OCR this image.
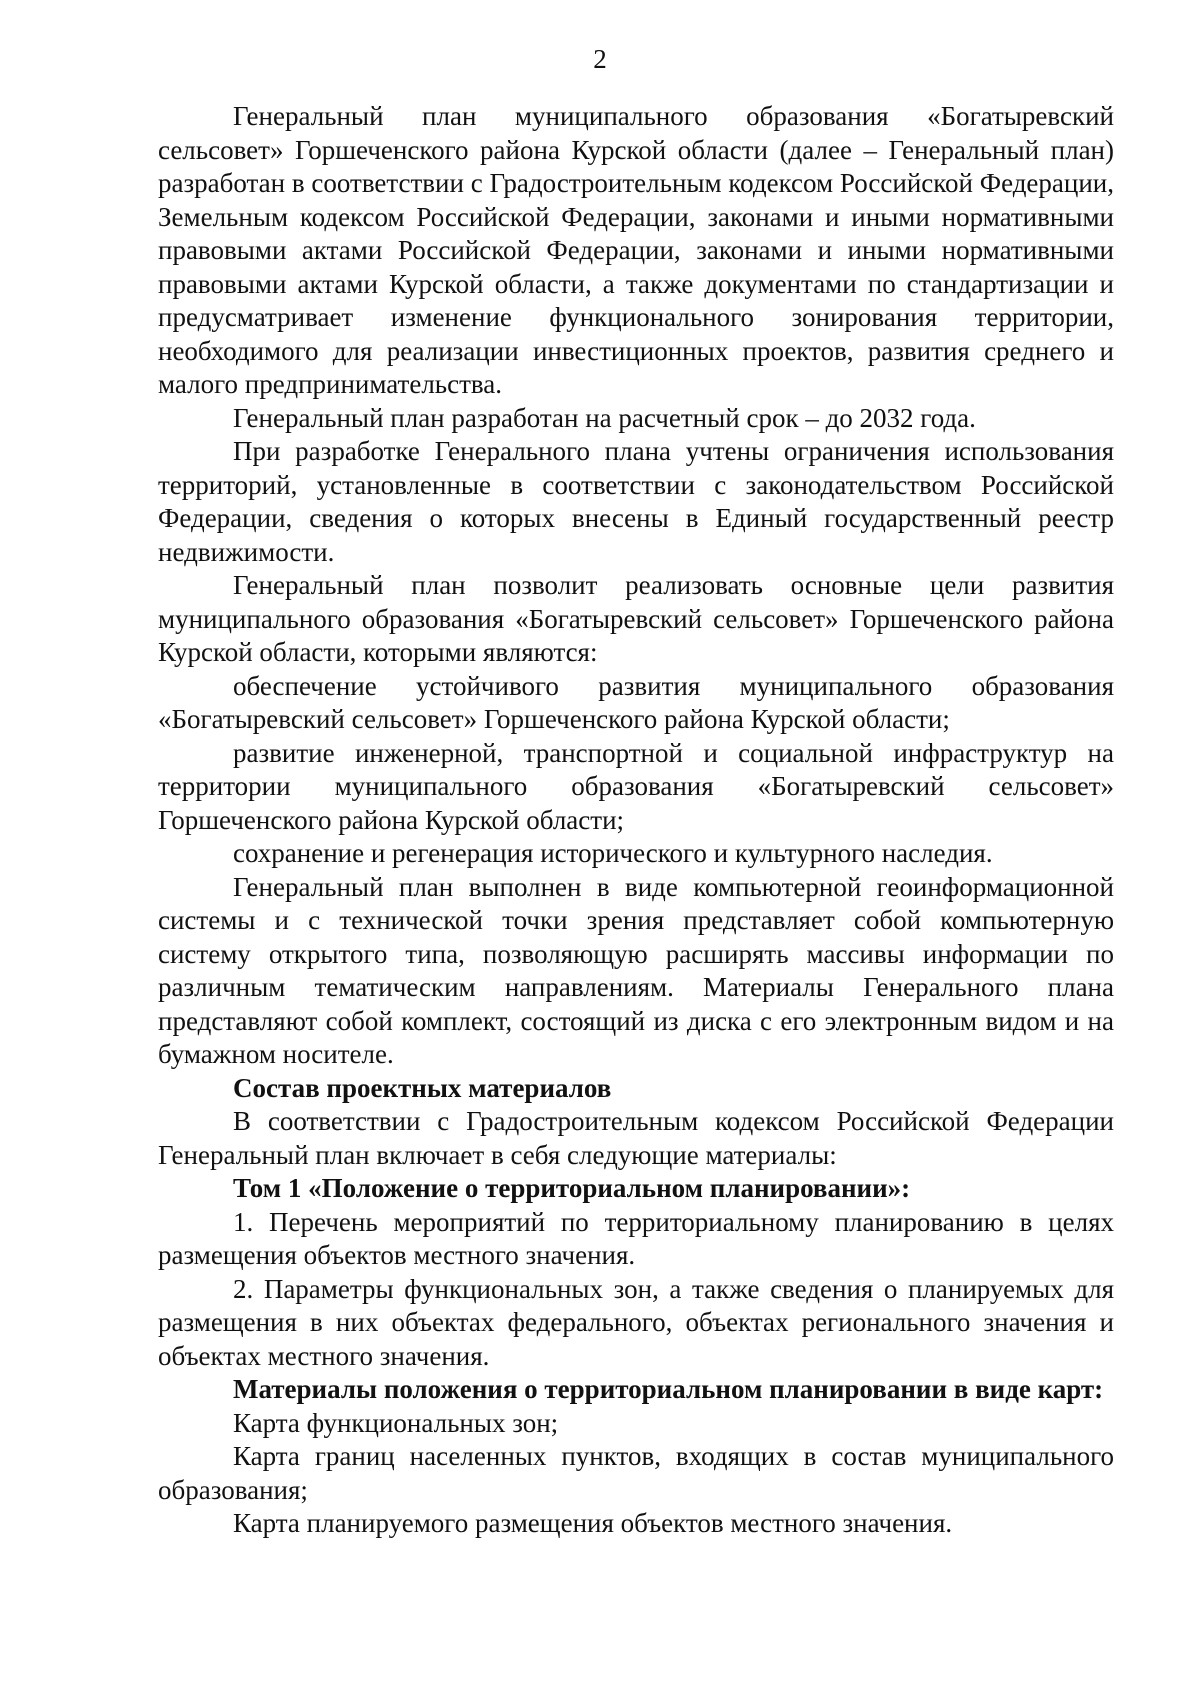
2

Генеральный план муниципального образования «Богатыревский сельсовет» Горшеченского района Курской области (далее – Генеральный план) разработан в соответствии с Градостроительным кодексом Российской Федерации, Земельным кодексом Российской Федерации, законами и иными нормативными правовыми актами Российской Федерации, законами и иными нормативными правовыми актами Курской области, а также документами по стандартизации и предусматривает изменение функционального зонирования территории, необходимого для реализации инвестиционных проектов, развития среднего и малого предпринимательства.

Генеральный план разработан на расчетный срок – до 2032 года.

При разработке Генерального плана учтены ограничения использования территорий, установленные в соответствии с законодательством Российской Федерации, сведения о которых внесены в Единый государственный реестр недвижимости.

Генеральный план позволит реализовать основные цели развития муниципального образования «Богатыревский сельсовет» Горшеченского района Курской области, которыми являются:

обеспечение устойчивого развития муниципального образования «Богатыревский сельсовет» Горшеченского района Курской области;

развитие инженерной, транспортной и социальной инфраструктур на территории муниципального образования «Богатыревский сельсовет» Горшеченского района Курской области;

сохранение и регенерация исторического и культурного наследия.

Генеральный план выполнен в виде компьютерной геоинформационной системы и с технической точки зрения представляет собой компьютерную систему открытого типа, позволяющую расширять массивы информации по различным тематическим направлениям. Материалы Генерального плана представляют собой комплект, состоящий из диска с его электронным видом и на бумажном носителе.

Состав проектных материалов

В соответствии с Градостроительным кодексом Российской Федерации Генеральный план включает в себя следующие материалы:

Том 1 «Положение о территориальном планировании»:

1. Перечень мероприятий по территориальному планированию в целях размещения объектов местного значения.

2. Параметры функциональных зон, а также сведения о планируемых для размещения в них объектах федерального, объектах регионального значения и объектах местного значения.

Материалы положения о территориальном планировании в виде карт:

Карта функциональных зон;

Карта границ населенных пунктов, входящих в состав муниципального образования;

Карта планируемого размещения объектов местного значения.
